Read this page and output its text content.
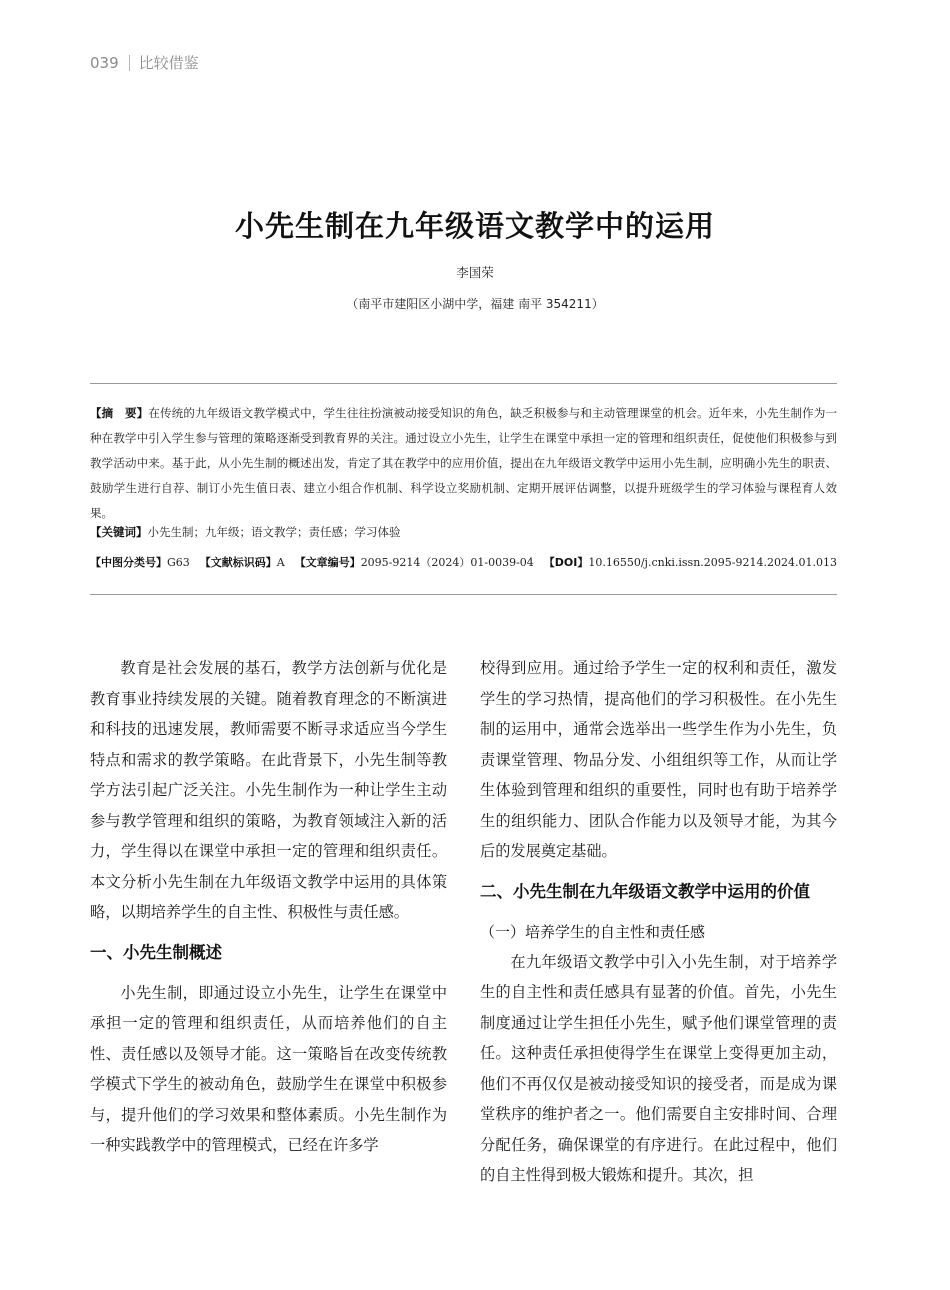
039 比较借鉴
小先生制在九年级语文教学中的运用
李国荣
（南平市建阳区小湖中学，福建 南平 354211）

【摘　要】在传统的九年级语文教学模式中，学生往往扮演被动接受知识的角色，缺乏积极参与和主动管理课堂的机会。近年来，小先生制作为一种在教学中引入学生参与管理的策略逐渐受到教育界的关注。通过设立小先生，让学生在课堂中承担一定的管理和组织责任，促使他们积极参与到教学活动中来。基于此，从小先生制的概述出发，肯定了其在教学中的应用价值，提出在九年级语文教学中运用小先生制，应明确小先生的职责、鼓励学生进行自荐、制订小先生值日表、建立小组合作机制、科学设立奖励机制、定期开展评估调整，以提升班级学生的学习体验与课程育人效果。

【关键词】小先生制；九年级；语文教学；责任感；学习体验
【中图分类号】G63 【文献标识码】A 【文章编号】2095-9214（2024）01-0039-04 【DOI】10.16550/j.cnki.issn.2095-9214.2024.01.013

教育是社会发展的基石，教学方法创新与优化是教育事业持续发展的关键。随着教育理念的不断演进和科技的迅速发展，教师需要不断寻求适应当今学生特点和需求的教学策略。在此背景下，小先生制等教学方法引起广泛关注。小先生制作为一种让学生主动参与教学管理和组织的策略，为教育领域注入新的活力，学生得以在课堂中承担一定的管理和组织责任。本文分析小先生制在九年级语文教学中运用的具体策略，以期培养学生的自主性、积极性与责任感。

一、小先生制概述

小先生制，即通过设立小先生，让学生在课堂中承担一定的管理和组织责任，从而培养他们的自主性、责任感以及领导才能。这一策略旨在改变传统教学模式下学生的被动角色，鼓励学生在课堂中积极参与，提升他们的学习效果和整体素质。小先生制作为一种实践教学中的管理模式，已经在许多学

校得到应用。通过给予学生一定的权利和责任，激发学生的学习热情，提高他们的学习积极性。在小先生制的运用中，通常会选举出一些学生作为小先生，负责课堂管理、物品分发、小组组织等工作，从而让学生体验到管理和组织的重要性，同时也有助于培养学生的组织能力、团队合作能力以及领导才能，为其今后的发展奠定基础。

二、小先生制在九年级语文教学中运用的价值
（一）培养学生的自主性和责任感

在九年级语文教学中引入小先生制，对于培养学生的自主性和责任感具有显著的价值。首先，小先生制度通过让学生担任小先生，赋予他们课堂管理的责任。这种责任承担使得学生在课堂上变得更加主动，他们不再仅仅是被动接受知识的接受者，而是成为课堂秩序的维护者之一。他们需要自主安排时间、合理分配任务，确保课堂的有序进行。在此过程中，他们的自主性得到极大锻炼和提升。其次，担
